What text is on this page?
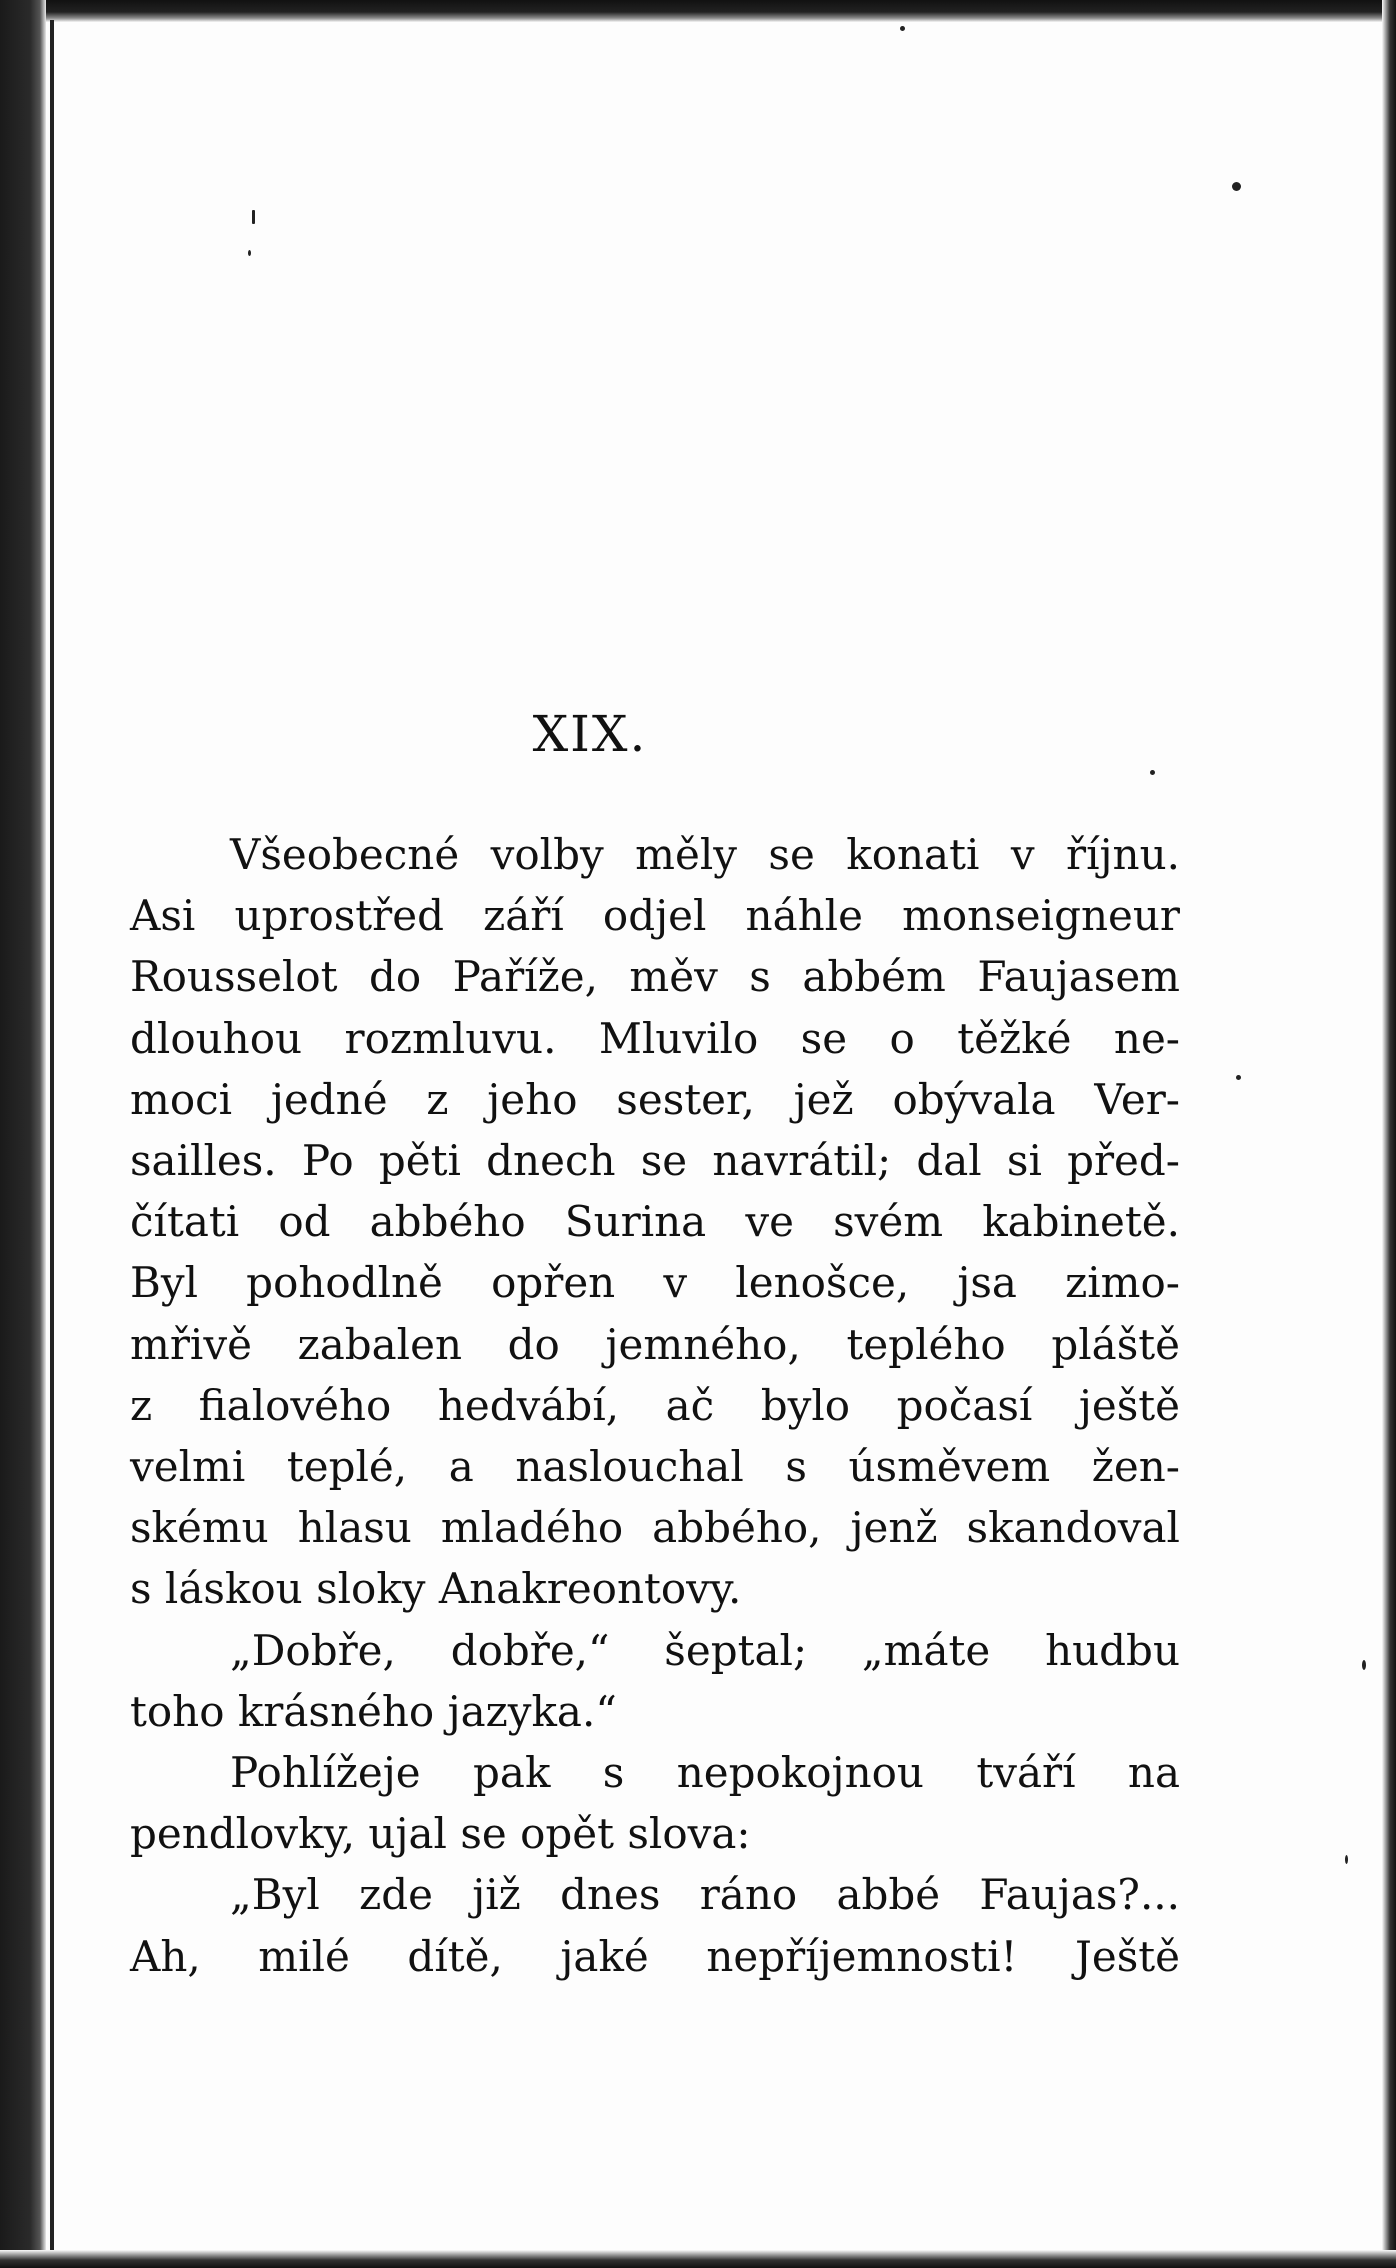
XIX.
Všeobecné volby měly se konati v říjnu.
Asi uprostřed září odjel náhle monseigneur
Rousselot do Paříže, měv s abbém Faujasem
dlouhou rozmluvu. Mluvilo se o těžké ne-
moci jedné z jeho sester, jež obývala Ver-
sailles. Po pěti dnech se navrátil; dal si před-
čítati od abbého Surina ve svém kabinetě.
Byl pohodlně opřen v lenošce, jsa zimo-
mřivě zabalen do jemného, teplého pláště
z fialového hedvábí, ač bylo počasí ještě
velmi teplé, a naslouchal s úsměvem žen-
skému hlasu mladého abbého, jenž skandoval
s láskou sloky Anakreontovy.
„Dobře, dobře,“ šeptal; „máte hudbu
toho krásného jazyka.“
Pohlížeje pak s nepokojnou tváří na
pendlovky, ujal se opět slova:
„Byl zde již dnes ráno abbé Faujas?...
Ah, milé dítě, jaké nepříjemnosti! Ještě
